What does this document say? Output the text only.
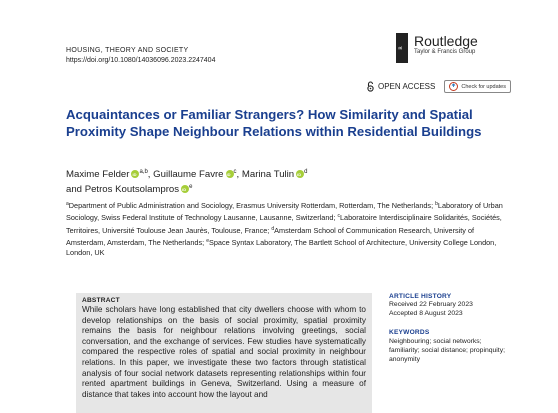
HOUSING, THEORY AND SOCIETY
https://doi.org/10.1080/14036096.2023.2247404
R Routledge
Taylor & Francis Group
OPEN ACCESS	Check for updates
Acquaintances or Familiar Strangers? How Similarity and Spatial Proximity Shape Neighbour Relations within Residential Buildings
Maxime Felder iD $^{a,b}$, Guillaume Favre iD $^c$, Marina Tulin iD $^d$
and Petros Koutsolampros iD $^e$
$^a$Department of Public Administration and Sociology, Erasmus University Rotterdam, Rotterdam, The Netherlands; $^b$Laboratory of Urban Sociology, Swiss Federal Institute of Technology Lausanne, Lausanne, Switzerland; $^c$Laboratoire Interdisciplinaire Solidarités, Sociétés, Territoires, Université Toulouse Jean Jaurès, Toulouse, France; $^d$Amsterdam School of Communication Research, University of Amsterdam, Amsterdam, The Netherlands; $^e$Space Syntax Laboratory, The Bartlett School of Architecture, University College London, London, UK
ABSTRACT

While scholars have long established that city dwellers choose with whom to develop relationships on the basis of social proximity, spatial proximity remains the basis for neighbour relations involving greetings, social conversation, and the exchange of services. Few studies have systematically compared the respective roles of spatial and social proximity in neighbour relations. In this paper, we investigate these two factors through statistical analysis of four social network datasets representing relationships within four rented apartment buildings in Geneva, Switzerland. Using a measure of distance that takes into account how the layout and

ARTICLE HISTORY
Received 22 February 2023
Accepted 8 August 2023
KEYWORDS
Neighbouring; social networks; familiarity; social distance; propinquity; anonymity
